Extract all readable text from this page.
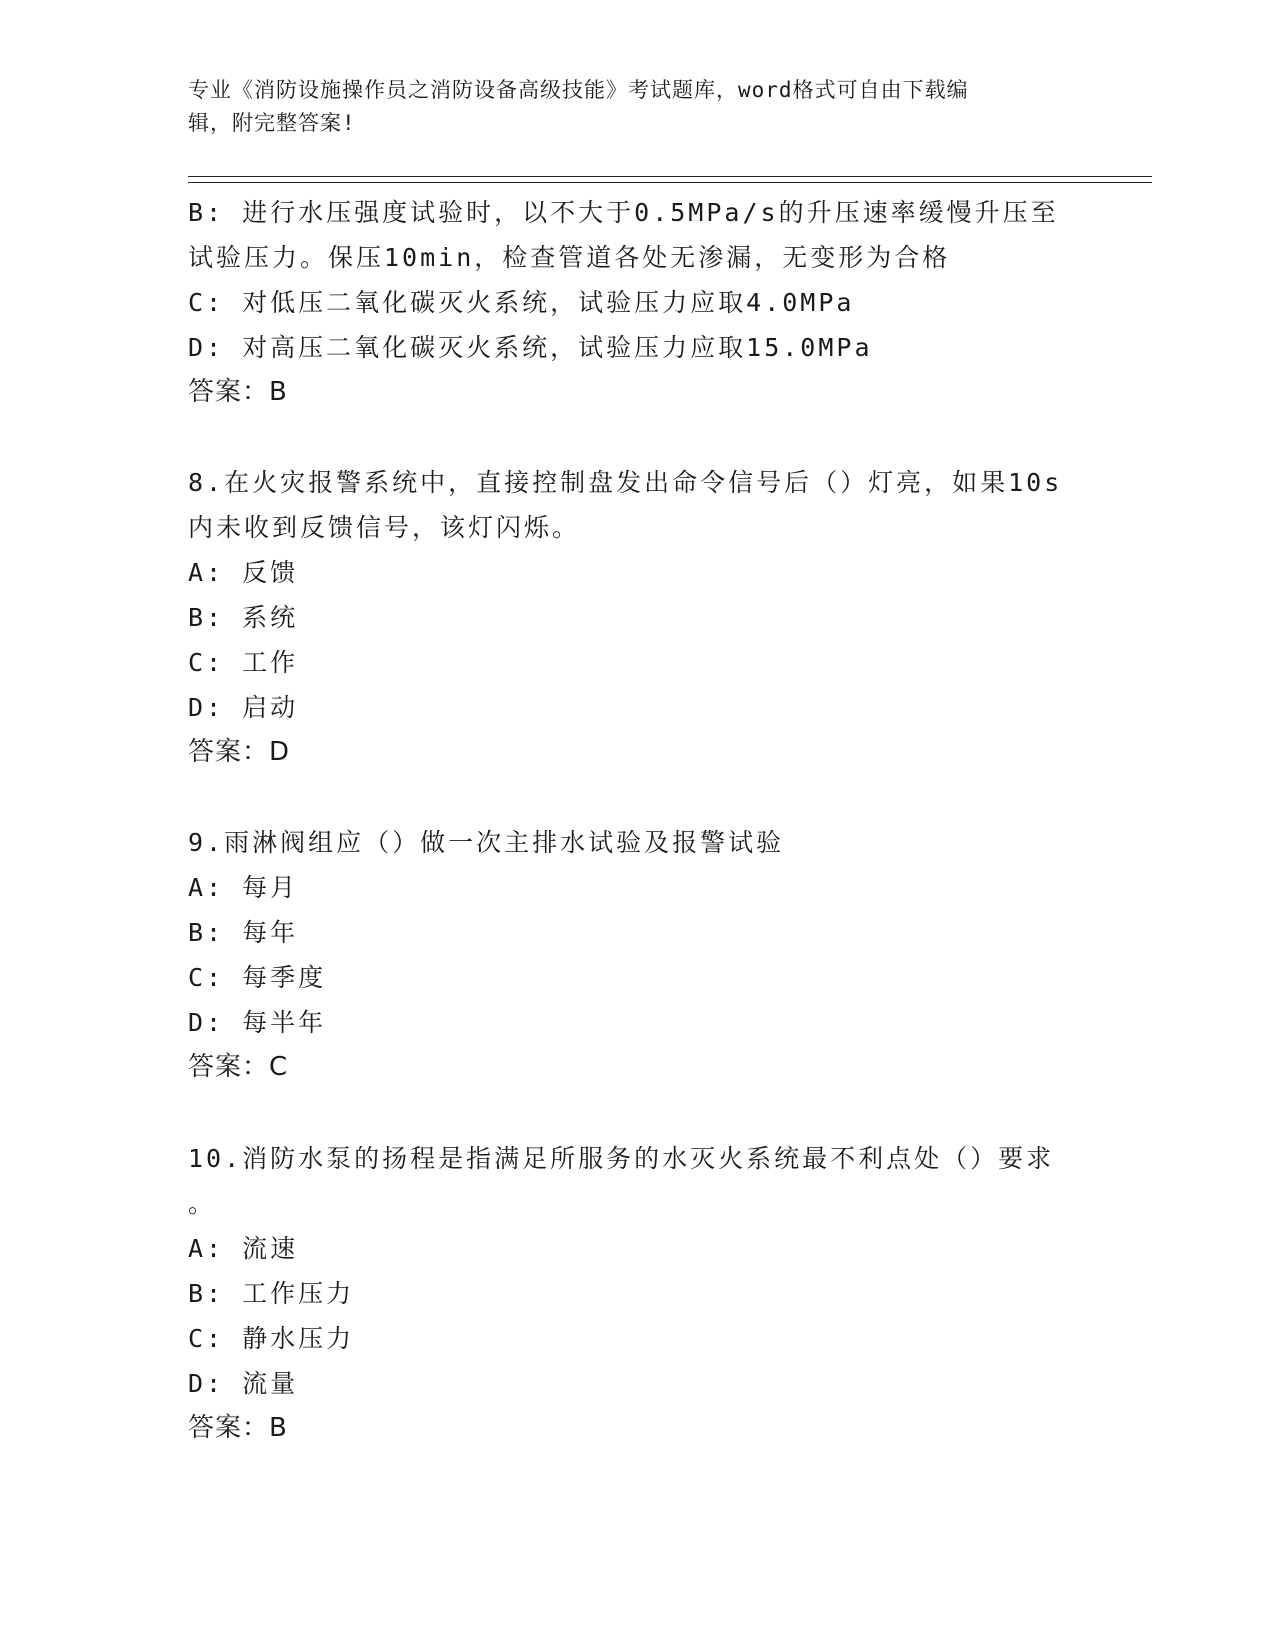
专业《消防设施操作员之消防设备高级技能》考试题库，word格式可自由下载编
辑，附完整答案!
B: 进行水压强度试验时，以不大于0.5MPa/s的升压速率缓慢升压至
试验压力。保压10min，检查管道各处无渗漏，无变形为合格
C: 对低压二氧化碳灭火系统，试验压力应取4.0MPa
D: 对高压二氧化碳灭火系统，试验压力应取15.0MPa
答案：B
8.在火灾报警系统中，直接控制盘发出命令信号后（）灯亮，如果10s
内未收到反馈信号，该灯闪烁。
A: 反馈
B: 系统
C: 工作
D: 启动
答案：D
9.雨淋阀组应（）做一次主排水试验及报警试验
A: 每月
B: 每年
C: 每季度
D: 每半年
答案：C
10.消防水泵的扬程是指满足所服务的水灭火系统最不利点处（）要求
。
A: 流速
B: 工作压力
C: 静水压力
D: 流量
答案：B
